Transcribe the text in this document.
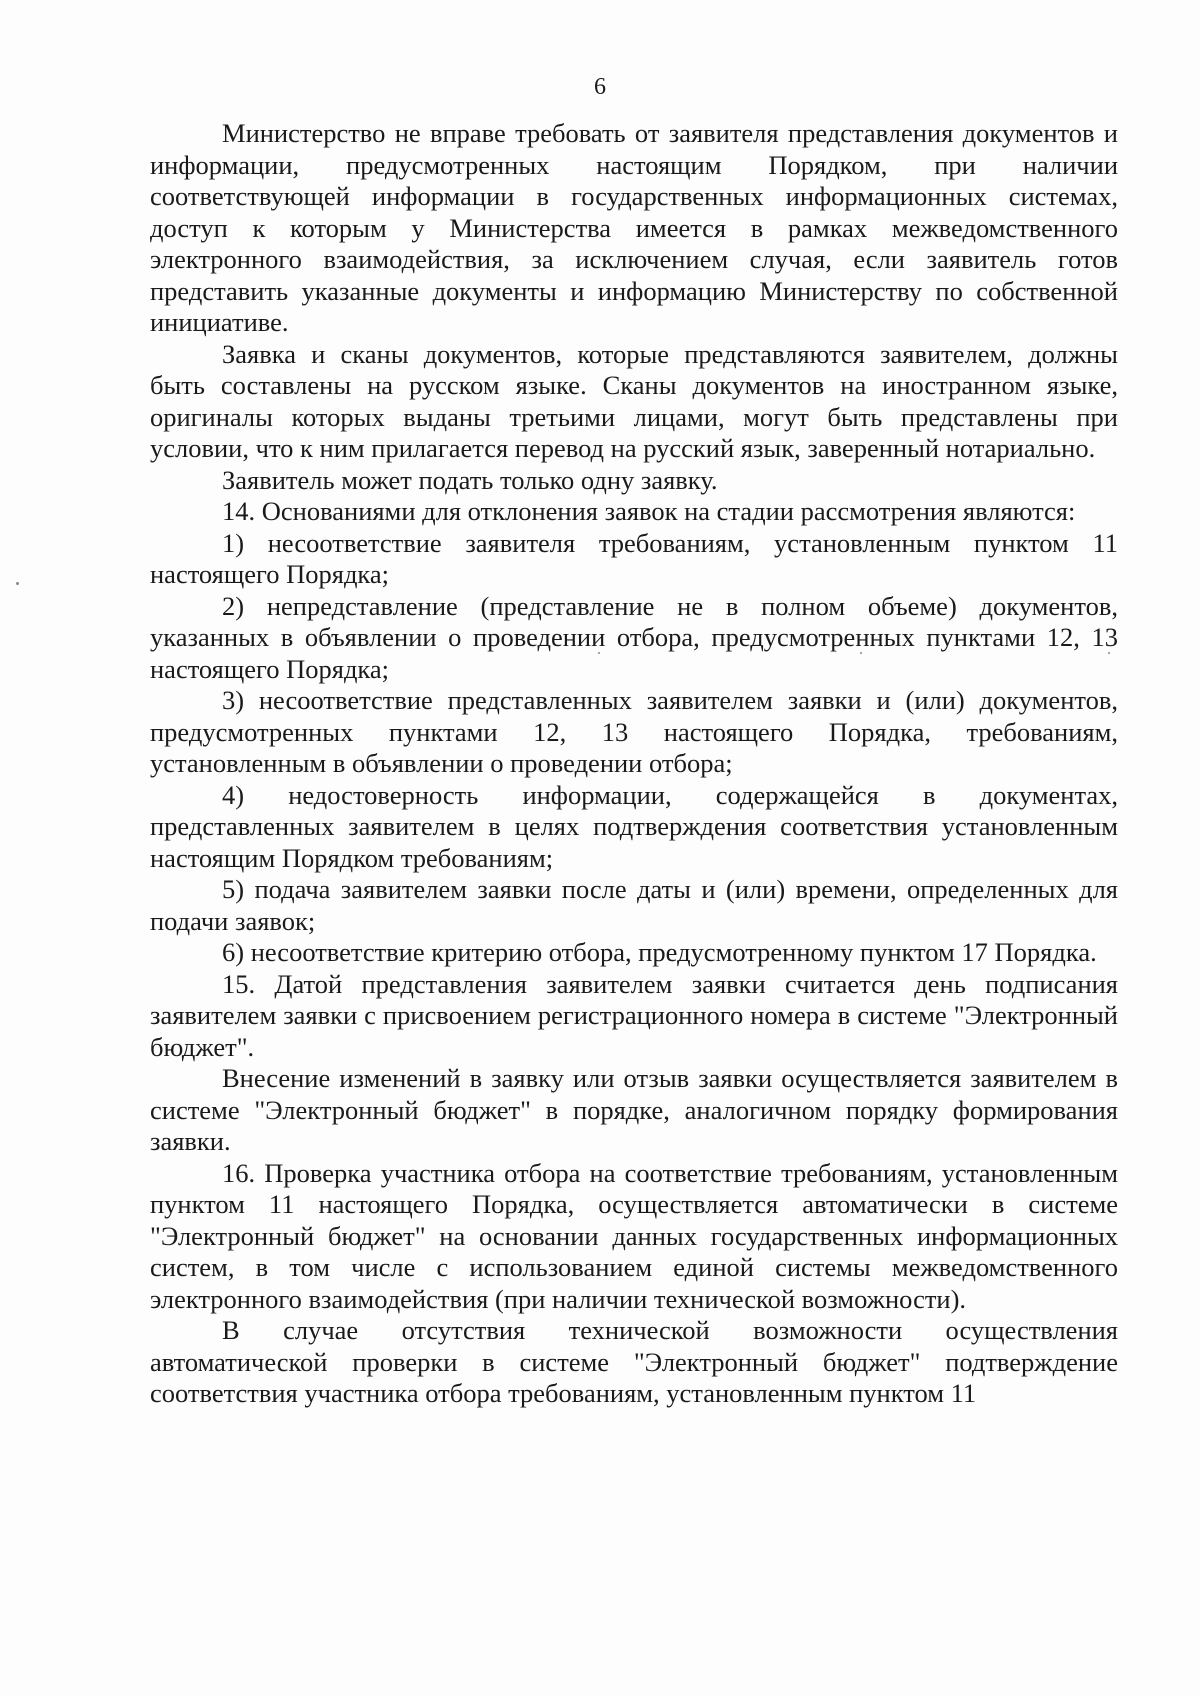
6

Министерство не вправе требовать от заявителя представления документов и информации, предусмотренных настоящим Порядком, при наличии соответствующей информации в государственных информационных системах, доступ к которым у Министерства имеется в рамках межведомственного электронного взаимодействия, за исключением случая, если заявитель готов представить указанные документы и информацию Министерству по собственной инициативе.

Заявка и сканы документов, которые представляются заявителем, должны быть составлены на русском языке. Сканы документов на иностранном языке, оригиналы которых выданы третьими лицами, могут быть представлены при условии, что к ним прилагается перевод на русский язык, заверенный нотариально.

Заявитель может подать только одну заявку.

14. Основаниями для отклонения заявок на стадии рассмотрения являются:

1) несоответствие заявителя требованиям, установленным пунктом 11 настоящего Порядка;

2) непредставление (представление не в полном объеме) документов, указанных в объявлении о проведении отбора, предусмотренных пунктами 12, 13 настоящего Порядка;

3) несоответствие представленных заявителем заявки и (или) документов, предусмотренных пунктами 12, 13 настоящего Порядка, требованиям, установленным в объявлении о проведении отбора;

4) недостоверность информации, содержащейся в документах, представленных заявителем в целях подтверждения соответствия установленным настоящим Порядком требованиям;

5) подача заявителем заявки после даты и (или) времени, определенных для подачи заявок;

6) несоответствие критерию отбора, предусмотренному пунктом 17 Порядка.

15. Датой представления заявителем заявки считается день подписания заявителем заявки с присвоением регистрационного номера в системе "Электронный бюджет".

Внесение изменений в заявку или отзыв заявки осуществляется заявителем в системе "Электронный бюджет" в порядке, аналогичном порядку формирования заявки.

16. Проверка участника отбора на соответствие требованиям, установленным пунктом 11 настоящего Порядка, осуществляется автоматически в системе "Электронный бюджет" на основании данных государственных информационных систем, в том числе с использованием единой системы межведомственного электронного взаимодействия (при наличии технической возможности).

В случае отсутствия технической возможности осуществления автоматической проверки в системе "Электронный бюджет" подтверждение соответствия участника отбора требованиям, установленным пунктом 11
